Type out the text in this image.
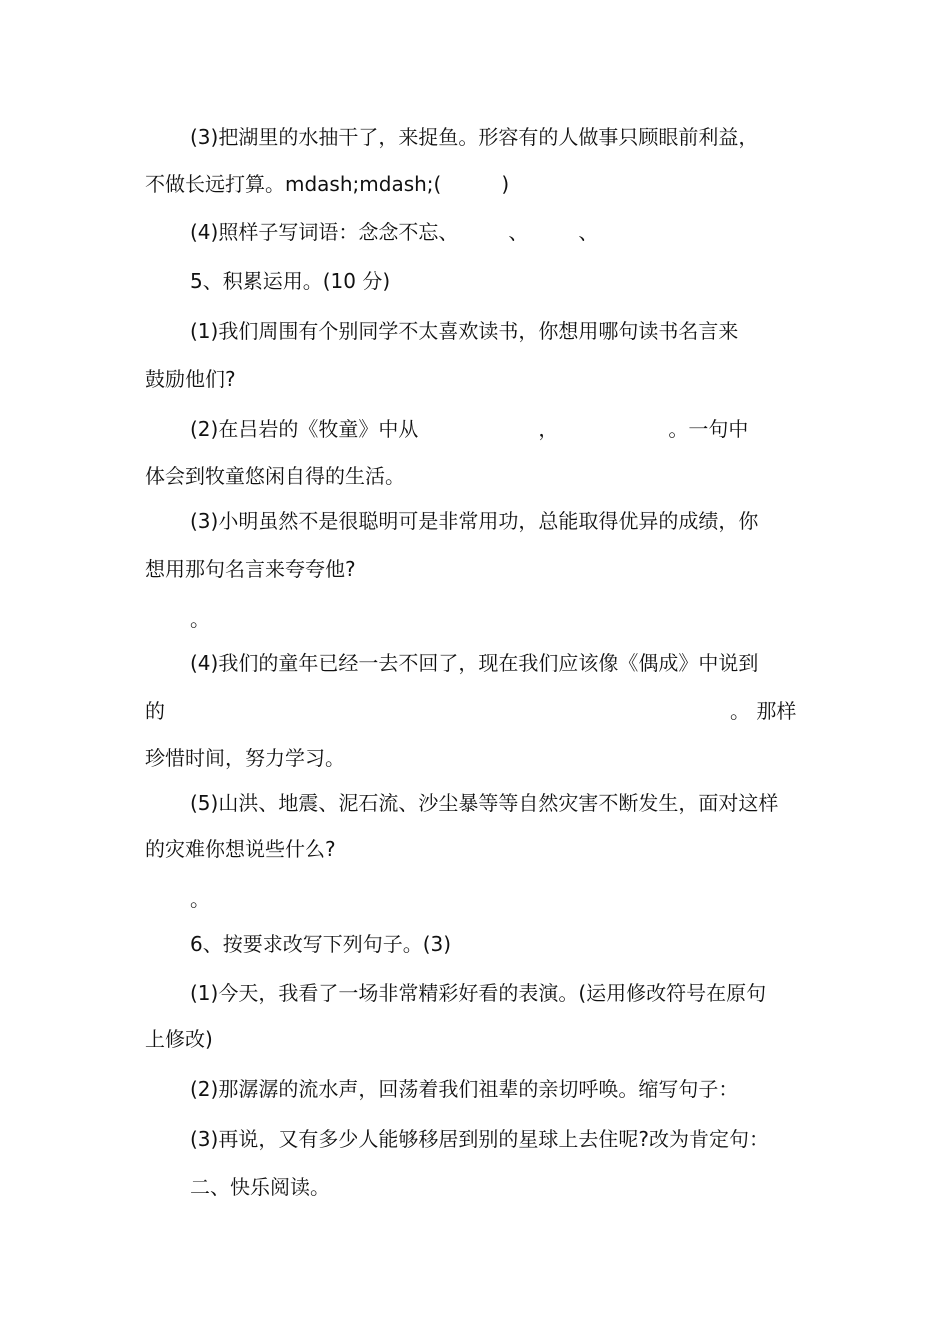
(3)把湖里的水抽干了，来捉鱼。形容有的人做事只顾眼前利益，
不做长远打算。mdash;mdash;(　　　)
(4)照样子写词语：念念不忘、　　　、　　　、
5、积累运用。(10 分)
(1)我们周围有个别同学不太喜欢读书，你想用哪句读书名言来
鼓励他们?
(2)在吕岩的《牧童》中从　　　　　　，　　　　　　。一句中
体会到牧童悠闲自得的生活。
(3)小明虽然不是很聪明可是非常用功，总能取得优异的成绩，你
想用那句名言来夸夸他?
。
(4)我们的童年已经一去不回了，现在我们应该像《偶成》中说到
的	。 那样
珍惜时间，努力学习。
(5)山洪、地震、泥石流、沙尘暴等等自然灾害不断发生，面对这样
的灾难你想说些什么?
。
6、按要求改写下列句子。(3)
(1)今天，我看了一场非常精彩好看的表演。(运用修改符号在原句
上修改)
(2)那潺潺的流水声，回荡着我们祖辈的亲切呼唤。缩写句子：
(3)再说，又有多少人能够移居到别的星球上去住呢?改为肯定句：
二、快乐阅读。
